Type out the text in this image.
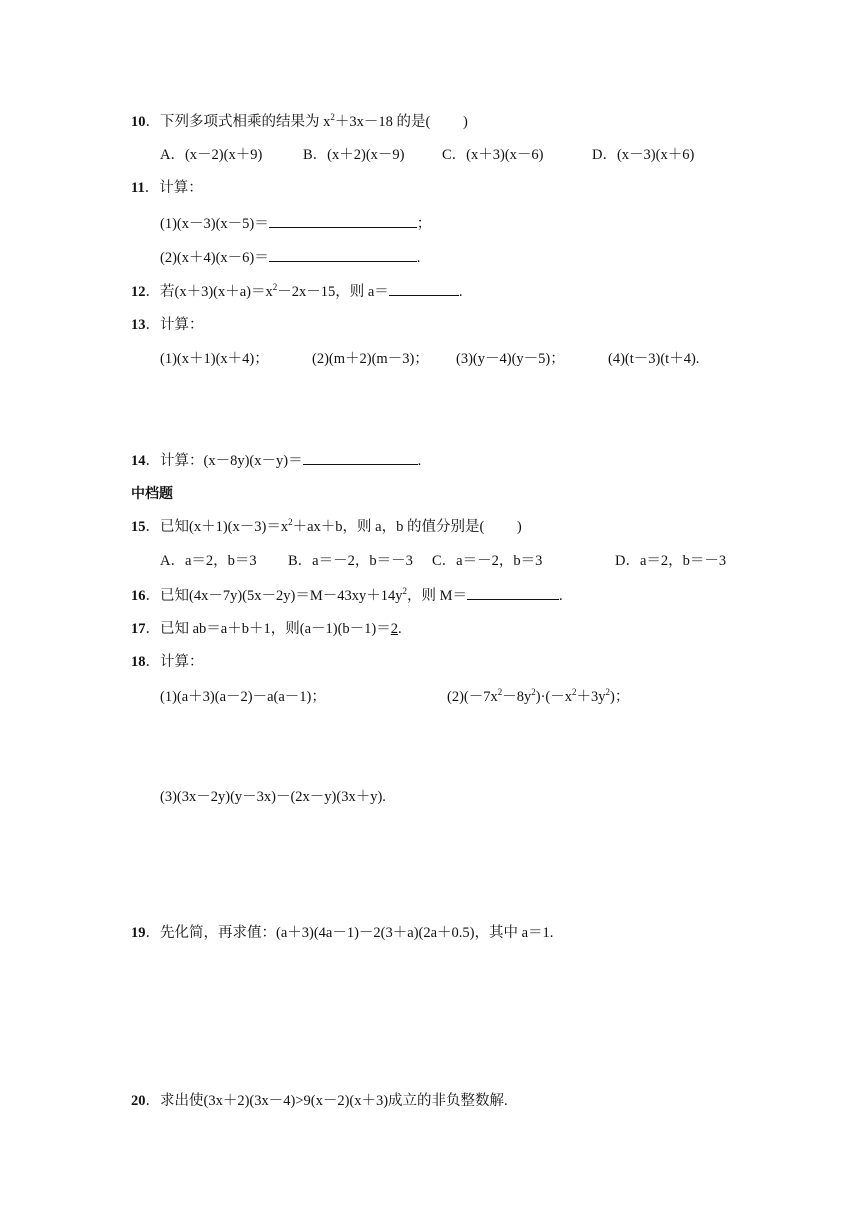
10．下列多项式相乘的结果为 $x^2+3x-18$ 的是(　　 )
A．(x－2)(x＋9)	B．(x＋2)(x－9)	C．(x＋3)(x－6)	D．(x－3)(x＋6)
11．计算：
(1)(x－3)(x－5)＝	；
(2)(x＋4)(x－6)＝	.
12．若$(x+3)(x+a)=x^2-2x-15$，则 a＝	.
13．计算：
(1)(x＋1)(x＋4)；	(2)(m＋2)(m－3)； (3)(y－4)(y－5)；	(4)(t－3)(t＋4).
14．计算：(x－8y)(x－y)＝	.
中档题
15．已知$(x+1)(x-3)=x^2+ax+b$，则 a，b 的值分别是(　　 )
A．a＝2，b＝3 B．a＝－2，b＝－3 C．a＝－2，b＝3	D．a＝2，b＝－3
16．已知$(4x-7y)(5x-2y)=M-43xy+14y^2$，则 M＝	.
17．已知 ab＝a＋b＋1，则(a－1)(b－1)＝2.
18．计算：
(1)(a＋3)(a－2)－a(a－1)；	$(2)(-7x^2-8y^2)\cdot(-x^2+3y^2)$；
(3)(3x－2y)(y－3x)－(2x－y)(3x＋y).
19．先化简，再求值：(a＋3)(4a－1)－2(3＋a)(2a＋0.5)，其中 a＝1.
20．求出使(3x＋2)(3x－4)>9(x－2)(x＋3)成立的非负整数解.
